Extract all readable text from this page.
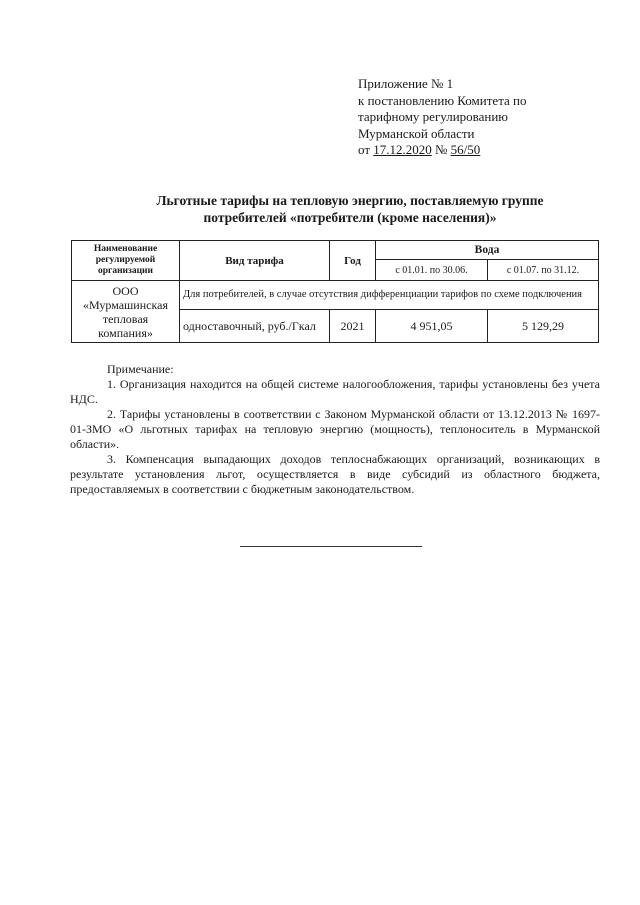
Приложение № 1
к постановлению Комитета по
тарифному регулированию
Мурманской области
от 17.12.2020 № 56/50
Льготные тарифы на тепловую энергию, поставляемую группе
потребителей «потребители (кроме населения)»
Наименование регулируемой организации	Вид тарифа	Год	Вода	
			с 01.01. по 30.06.	с 01.07. по 31.12.
ООО «Мурмашинская тепловая компания»	Для потребителей, в случае отсутствия дифференциации тарифов по схеме подключения			
	одноставочный, руб./Гкал	2021	4 951,05	5 129,29

Примечание:

1. Организация находится на общей системе налогообложения, тарифы установлены без учета НДС.

2. Тарифы установлены в соответствии с Законом Мурманской области от 13.12.2013 № 1697-01-ЗМО «О льготных тарифах на тепловую энергию (мощность), теплоноситель в Мурманской области».

3. Компенсация выпадающих доходов теплоснабжающих организаций, возникающих в результате установления льгот, осуществляется в виде субсидий из областного бюджета, предоставляемых в соответствии с бюджетным законодательством.
